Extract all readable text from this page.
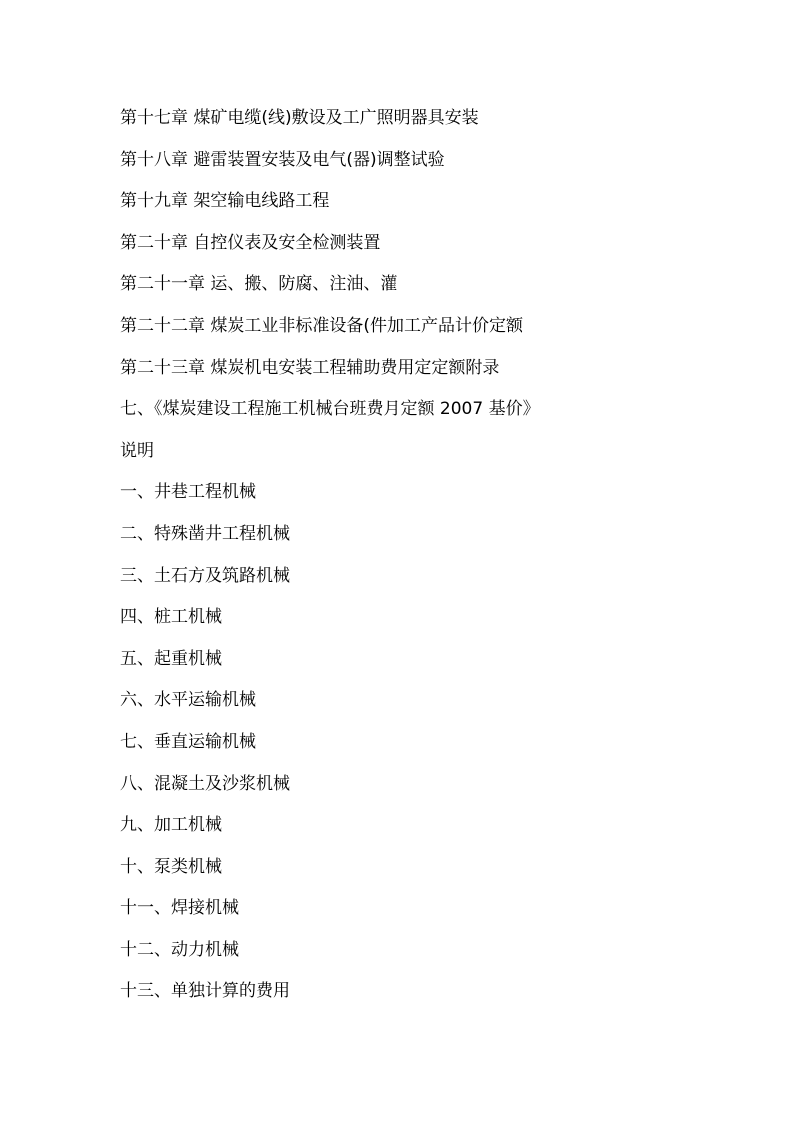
第十七章 煤矿电缆(线)敷设及工广照明器具安装
第十八章 避雷装置安装及电气(器)调整试验
第十九章 架空输电线路工程
第二十章 自控仪表及安全检测装置
第二十一章 运、搬、防腐、注油、灌
第二十二章 煤炭工业非标准设备(件加工产品计价定额
第二十三章 煤炭机电安装工程辅助费用定定额附录
七、《煤炭建设工程施工机械台班费月定额 2007 基价》
说明
一、井巷工程机械
二、特殊凿井工程机械
三、土石方及筑路机械
四、桩工机械
五、起重机械
六、水平运输机械
七、垂直运输机械
八、混凝土及沙浆机械
九、加工机械
十、泵类机械
十一、焊接机械
十二、动力机械
十三、单独计算的费用
